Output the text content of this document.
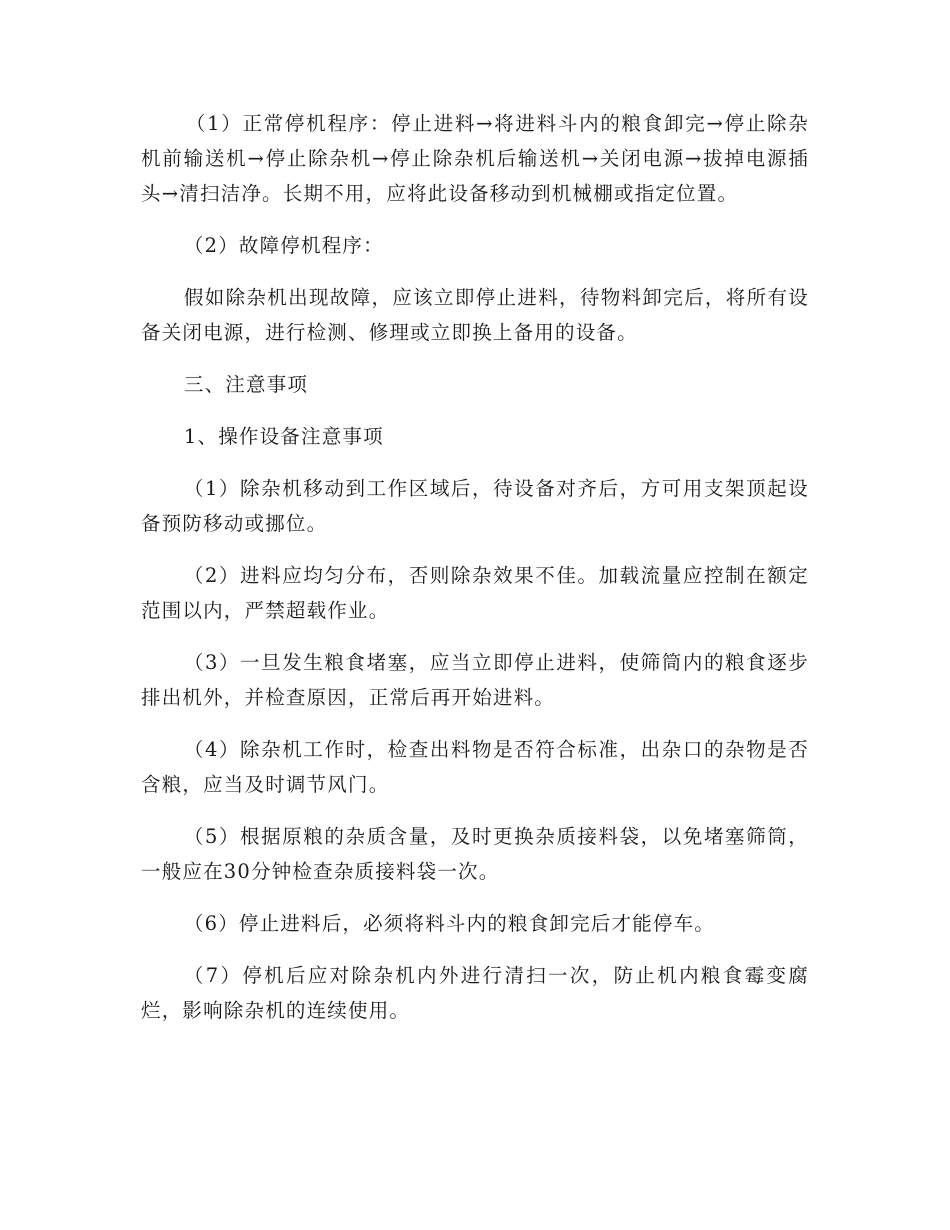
（1）正常停机程序：停止进料→将进料斗内的粮食卸完→停止除杂机前输送机→停止除杂机→停止除杂机后输送机→关闭电源→拔掉电源插头→清扫洁净。长期不用，应将此设备移动到机械棚或指定位置。

（2）故障停机程序：

假如除杂机出现故障，应该立即停止进料，待物料卸完后，将所有设备关闭电源，进行检测、修理或立即换上备用的设备。

三、注意事项

1、操作设备注意事项

（1）除杂机移动到工作区域后，待设备对齐后，方可用支架顶起设备预防移动或挪位。

（2）进料应均匀分布，否则除杂效果不佳。加载流量应控制在额定范围以内，严禁超载作业。

（3）一旦发生粮食堵塞，应当立即停止进料，使筛筒内的粮食逐步排出机外，并检查原因，正常后再开始进料。

（4）除杂机工作时，检查出料物是否符合标准，出杂口的杂物是否含粮，应当及时调节风门。

（5）根据原粮的杂质含量，及时更换杂质接料袋，以免堵塞筛筒，一般应在30分钟检查杂质接料袋一次。

（6）停止进料后，必须将料斗内的粮食卸完后才能停车。

（7）停机后应对除杂机内外进行清扫一次，防止机内粮食霉变腐烂，影响除杂机的连续使用。
